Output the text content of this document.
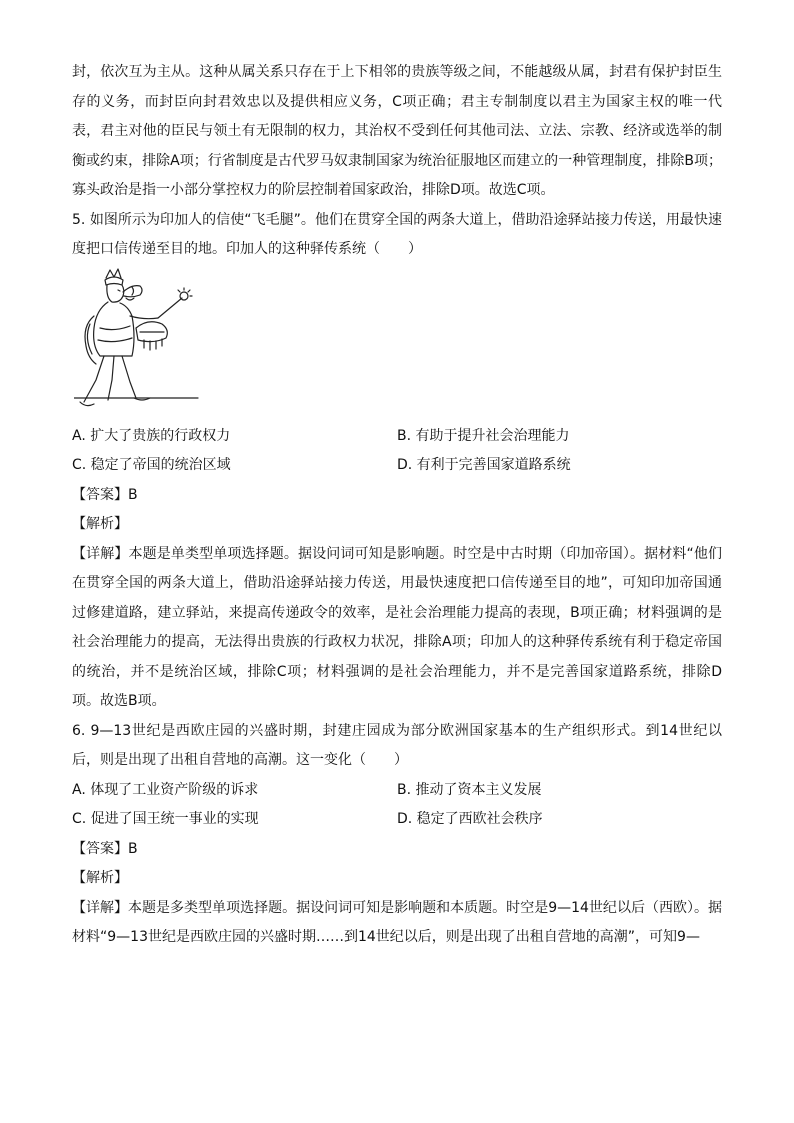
封，依次互为主从。这种从属关系只存在于上下相邻的贵族等级之间，不能越级从属，封君有保护封臣生存的义务，而封臣向封君效忠以及提供相应义务，C项正确；君主专制制度以君主为国家主权的唯一代表，君主对他的臣民与领土有无限制的权力，其治权不受到任何其他司法、立法、宗教、经济或选举的制衡或约束，排除A项；行省制度是古代罗马奴隶制国家为统治征服地区而建立的一种管理制度，排除B项；寡头政治是指一小部分掌控权力的阶层控制着国家政治，排除D项。故选C项。

5. 如图所示为印加人的信使“飞毛腿”。他们在贯穿全国的两条大道上，借助沿途驿站接力传送，用最快速度把口信传递至目的地。印加人的这种驿传系统（　　）

A. 扩大了贵族的行政权力	B. 有助于提升社会治理能力
C. 稳定了帝国的统治区域	D. 有利于完善国家道路系统
【答案】B
【解析】

【详解】本题是单类型单项选择题。据设问词可知是影响题。时空是中古时期（印加帝国）。据材料“他们在贯穿全国的两条大道上，借助沿途驿站接力传送，用最快速度把口信传递至目的地”，可知印加帝国通过修建道路，建立驿站，来提高传递政令的效率，是社会治理能力提高的表现，B项正确；材料强调的是社会治理能力的提高，无法得出贵族的行政权力状况，排除A项；印加人的这种驿传系统有利于稳定帝国的统治，并不是统治区域，排除C项；材料强调的是社会治理能力，并不是完善国家道路系统，排除D项。故选B项。

6. 9—13世纪是西欧庄园的兴盛时期，封建庄园成为部分欧洲国家基本的生产组织形式。到14世纪以后，则是出现了出租自营地的高潮。这一变化（　　）

A. 体现了工业资产阶级的诉求	B. 推动了资本主义发展
C. 促进了国王统一事业的实现	D. 稳定了西欧社会秩序
【答案】B
【解析】

【详解】本题是多类型单项选择题。据设问词可知是影响题和本质题。时空是9—14世纪以后（西欧）。据材料“9—13世纪是西欧庄园的兴盛时期……到14世纪以后，则是出现了出租自营地的高潮”，可知9—
